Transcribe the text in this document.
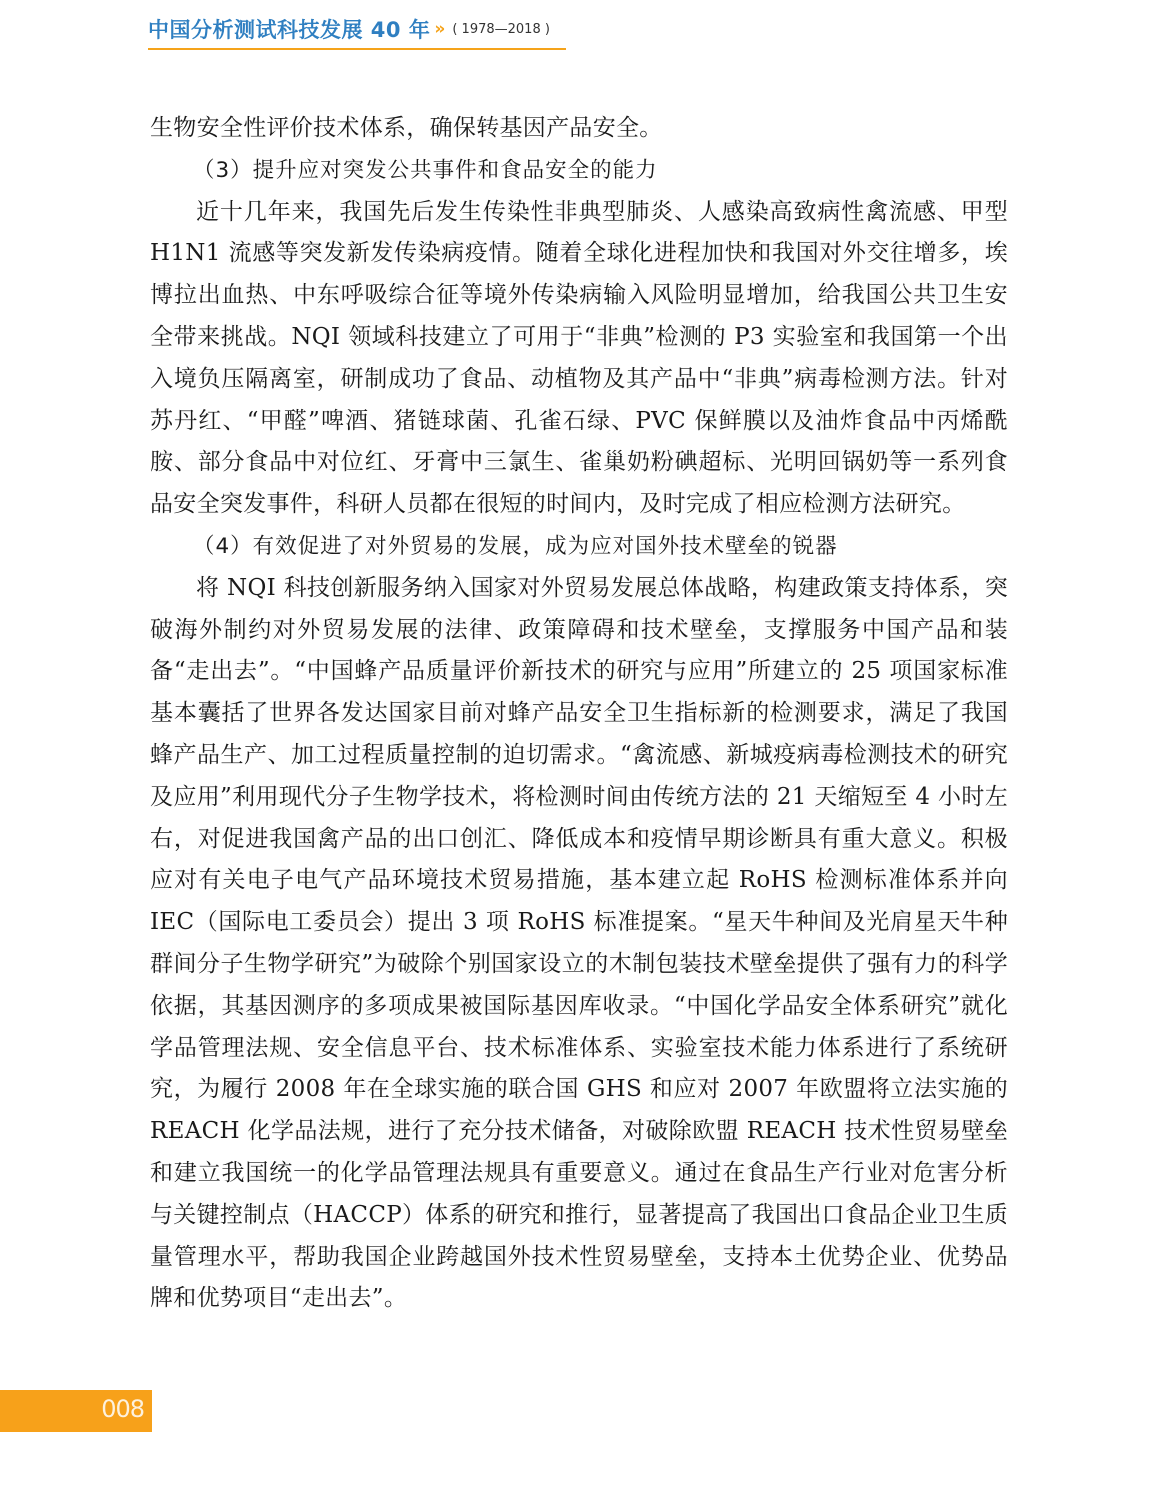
中国分析测试科技发展 40 年 » ( 1978—2018 )

生物安全性评价技术体系，确保转基因产品安全。

（3）提升应对突发公共事件和食品安全的能力

近十几年来，我国先后发生传染性非典型肺炎、人感染高致病性禽流感、甲型 H1N1 流感等突发新发传染病疫情。随着全球化进程加快和我国对外交往增多，埃博拉出血热、中东呼吸综合征等境外传染病输入风险明显增加，给我国公共卫生安全带来挑战。NQI 领域科技建立了可用于“非典”检测的 P3 实验室和我国第一个出入境负压隔离室，研制成功了食品、动植物及其产品中“非典”病毒检测方法。针对苏丹红、“甲醛”啤酒、猪链球菌、孔雀石绿、PVC 保鲜膜以及油炸食品中丙烯酰胺、部分食品中对位红、牙膏中三氯生、雀巢奶粉碘超标、光明回锅奶等一系列食品安全突发事件，科研人员都在很短的时间内，及时完成了相应检测方法研究。

（4）有效促进了对外贸易的发展，成为应对国外技术壁垒的锐器

将 NQI 科技创新服务纳入国家对外贸易发展总体战略，构建政策支持体系，突破海外制约对外贸易发展的法律、政策障碍和技术壁垒，支撑服务中国产品和装备“走出去”。“中国蜂产品质量评价新技术的研究与应用”所建立的 25 项国家标准基本囊括了世界各发达国家目前对蜂产品安全卫生指标新的检测要求，满足了我国蜂产品生产、加工过程质量控制的迫切需求。“禽流感、新城疫病毒检测技术的研究及应用”利用现代分子生物学技术，将检测时间由传统方法的 21 天缩短至 4 小时左右，对促进我国禽产品的出口创汇、降低成本和疫情早期诊断具有重大意义。积极应对有关电子电气产品环境技术贸易措施，基本建立起 RoHS 检测标准体系并向 IEC（国际电工委员会）提出 3 项 RoHS 标准提案。“星天牛种间及光肩星天牛种群间分子生物学研究”为破除个别国家设立的木制包装技术壁垒提供了强有力的科学依据，其基因测序的多项成果被国际基因库收录。“中国化学品安全体系研究”就化学品管理法规、安全信息平台、技术标准体系、实验室技术能力体系进行了系统研究，为履行 2008 年在全球实施的联合国 GHS 和应对 2007 年欧盟将立法实施的 REACH 化学品法规，进行了充分技术储备，对破除欧盟 REACH 技术性贸易壁垒和建立我国统一的化学品管理法规具有重要意义。通过在食品生产行业对危害分析与关键控制点（HACCP）体系的研究和推行，显著提高了我国出口食品企业卫生质量管理水平，帮助我国企业跨越国外技术性贸易壁垒，支持本土优势企业、优势品牌和优势项目“走出去”。

008
